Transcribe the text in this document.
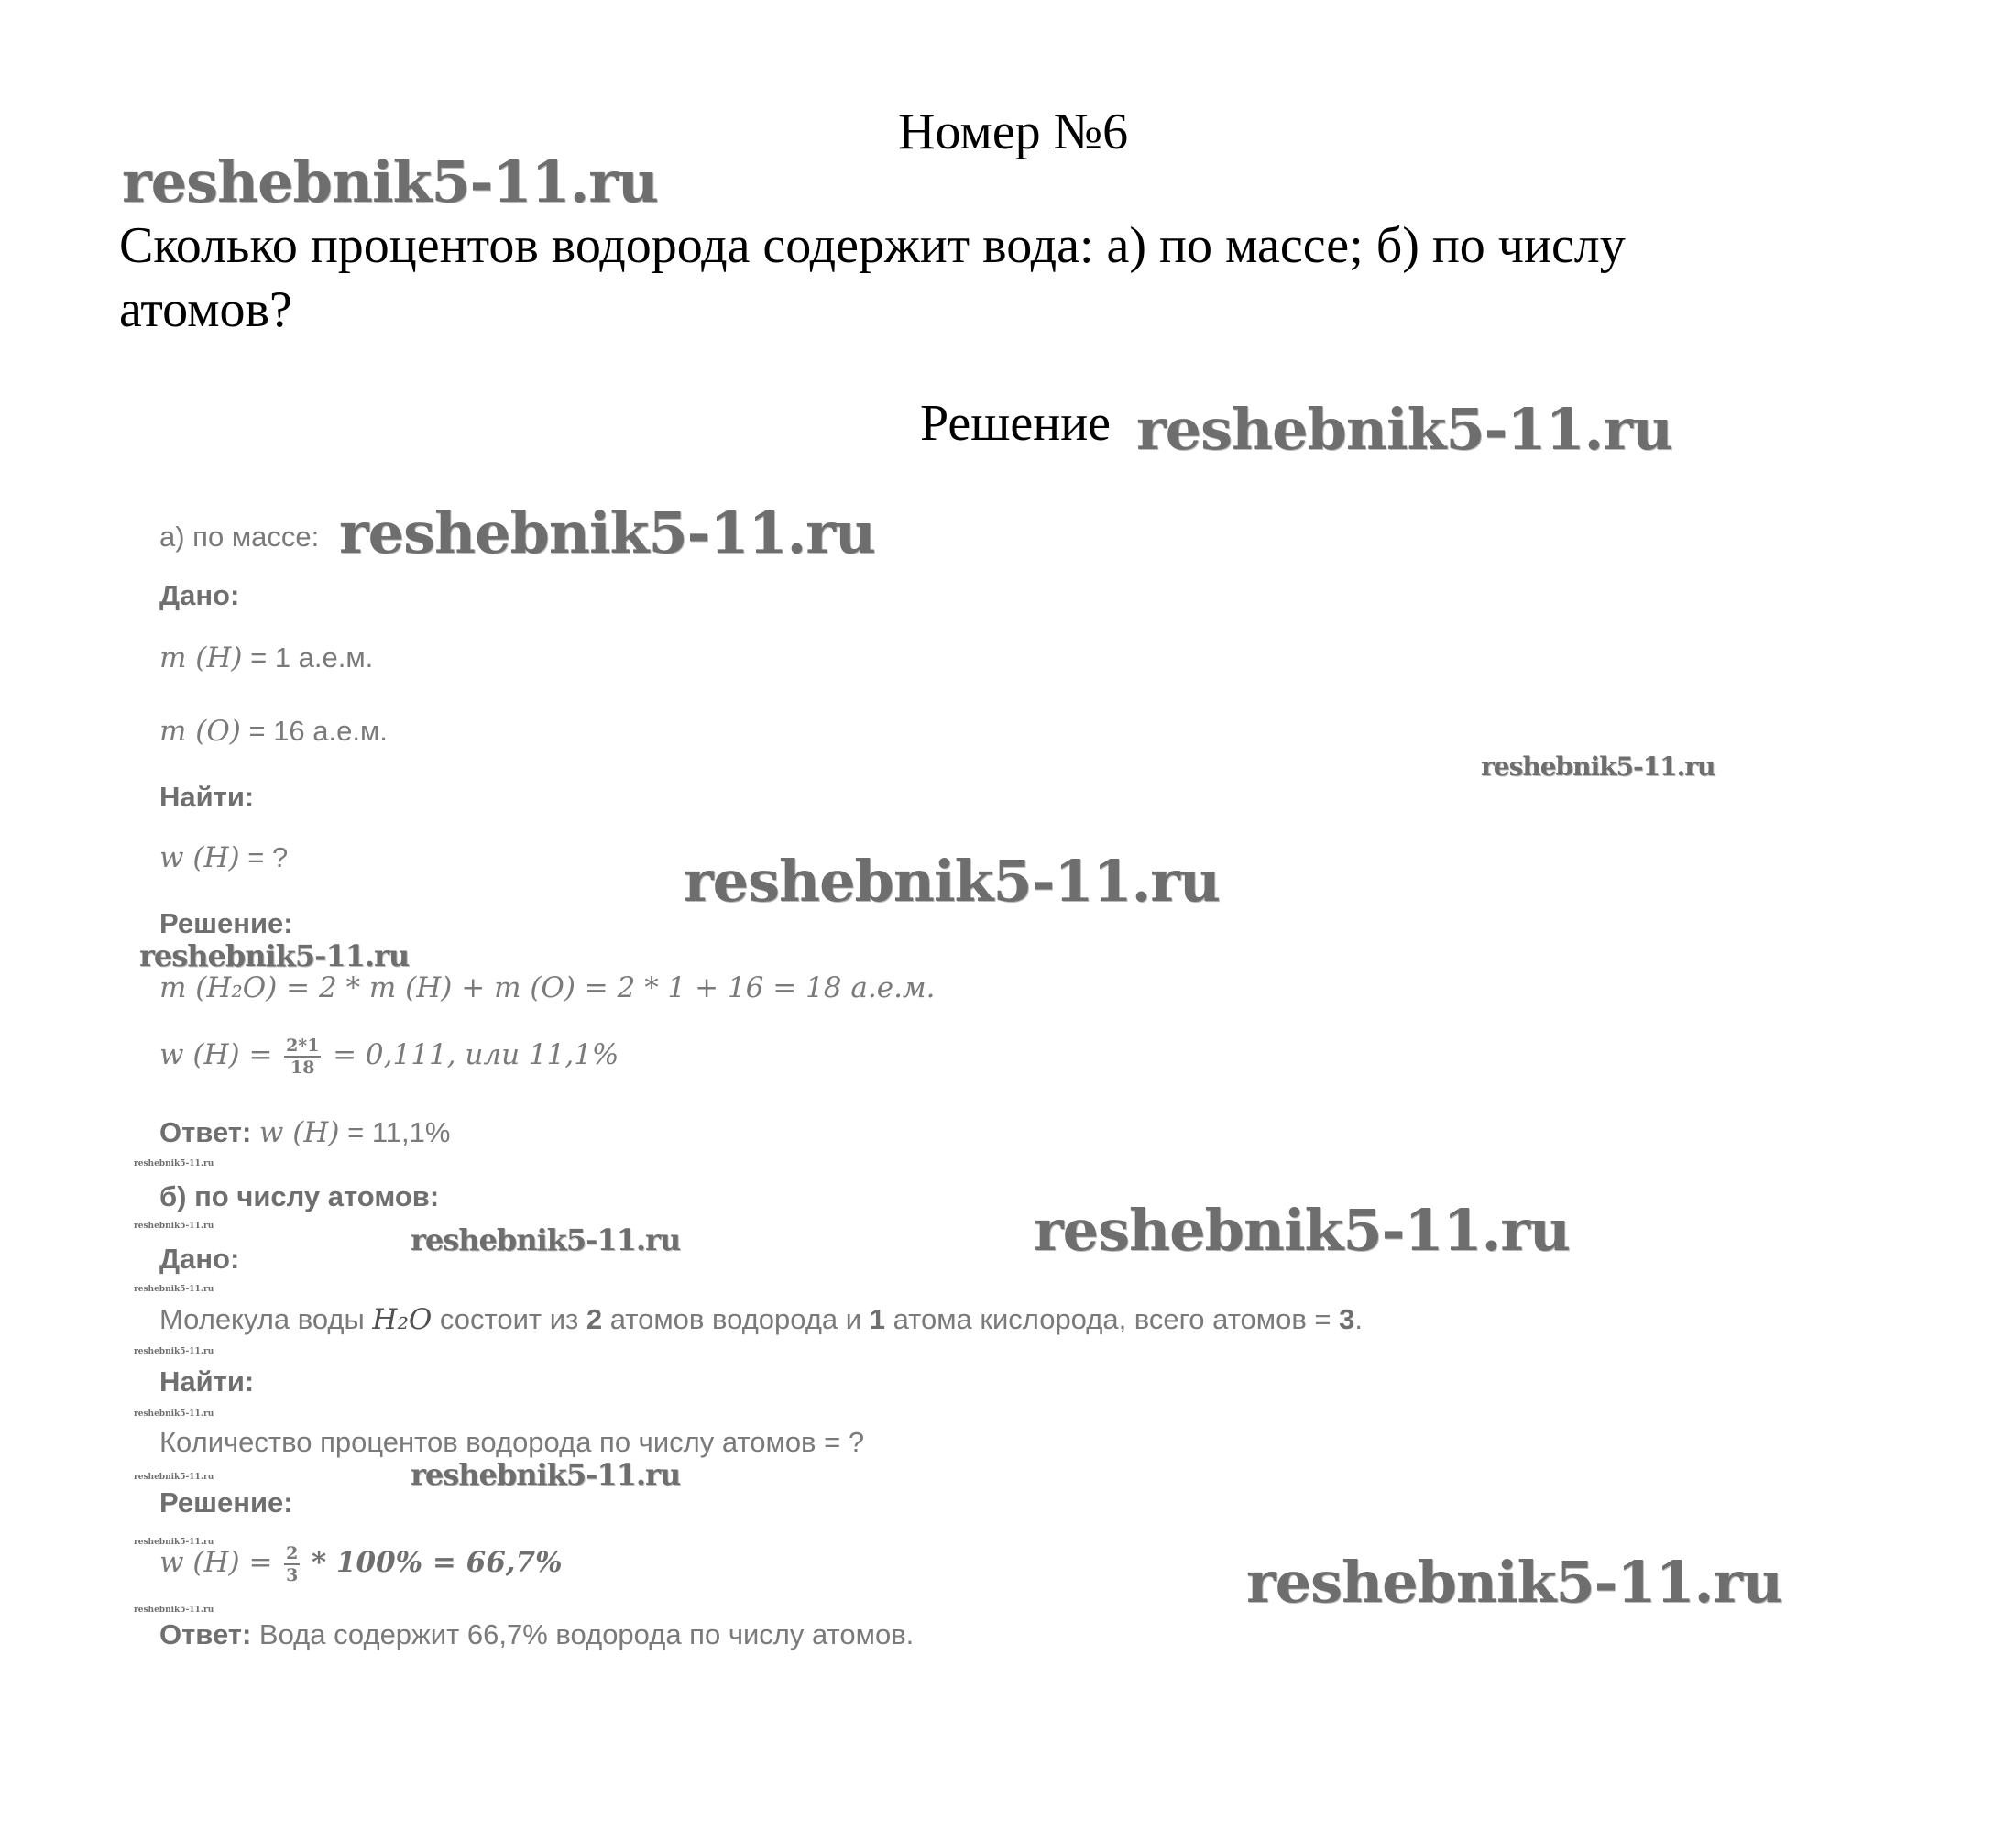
Номер №6
reshebnik5-11.ru
Сколько процентов водорода содержит вода: а) по массе; б) по числу
атомов?
Решение reshebnik5-11.ru
а) по массе: reshebnik5-11.ru
Дано:
m (H) = 1 а.е.м.
m (O) = 16 а.е.м.
reshebnik5-11.ru
Найти:
w (H) = ?	reshebnik5-11.ru
Решение:
reshebnik5-11.ru
m (H₂O) = 2 * m (H) + m (O) = 2 * 1 + 16 = 18 а.е.м.
w $(H) = \frac{2*1}{18} = 0,111$, или 11,1%
Ответ: w (H) = 11,1%
reshebnik5-11.ru
reshebnik5-11.ru
reshebnik5-11.ru
reshebnik5-11.ru
reshebnik5-11.ru
reshebnik5-11.ru
reshebnik5-11.ru
reshebnik5-11.ru
б) по числу атомов:
Дано:
reshebnik5-11.ru	reshebnik5-11.ru
Молекула воды H₂O состоит из 2 атомов водорода и 1 атома кислорода, всего атомов = 3.
Найти:
Количество процентов водорода по числу атомов = ?
reshebnik5-11.ru
Решение:
w $(H) = \frac{2}{3} * 100\% = 66,7\%$	reshebnik5-11.ru
Ответ: Вода содержит 66,7% водорода по числу атомов.
